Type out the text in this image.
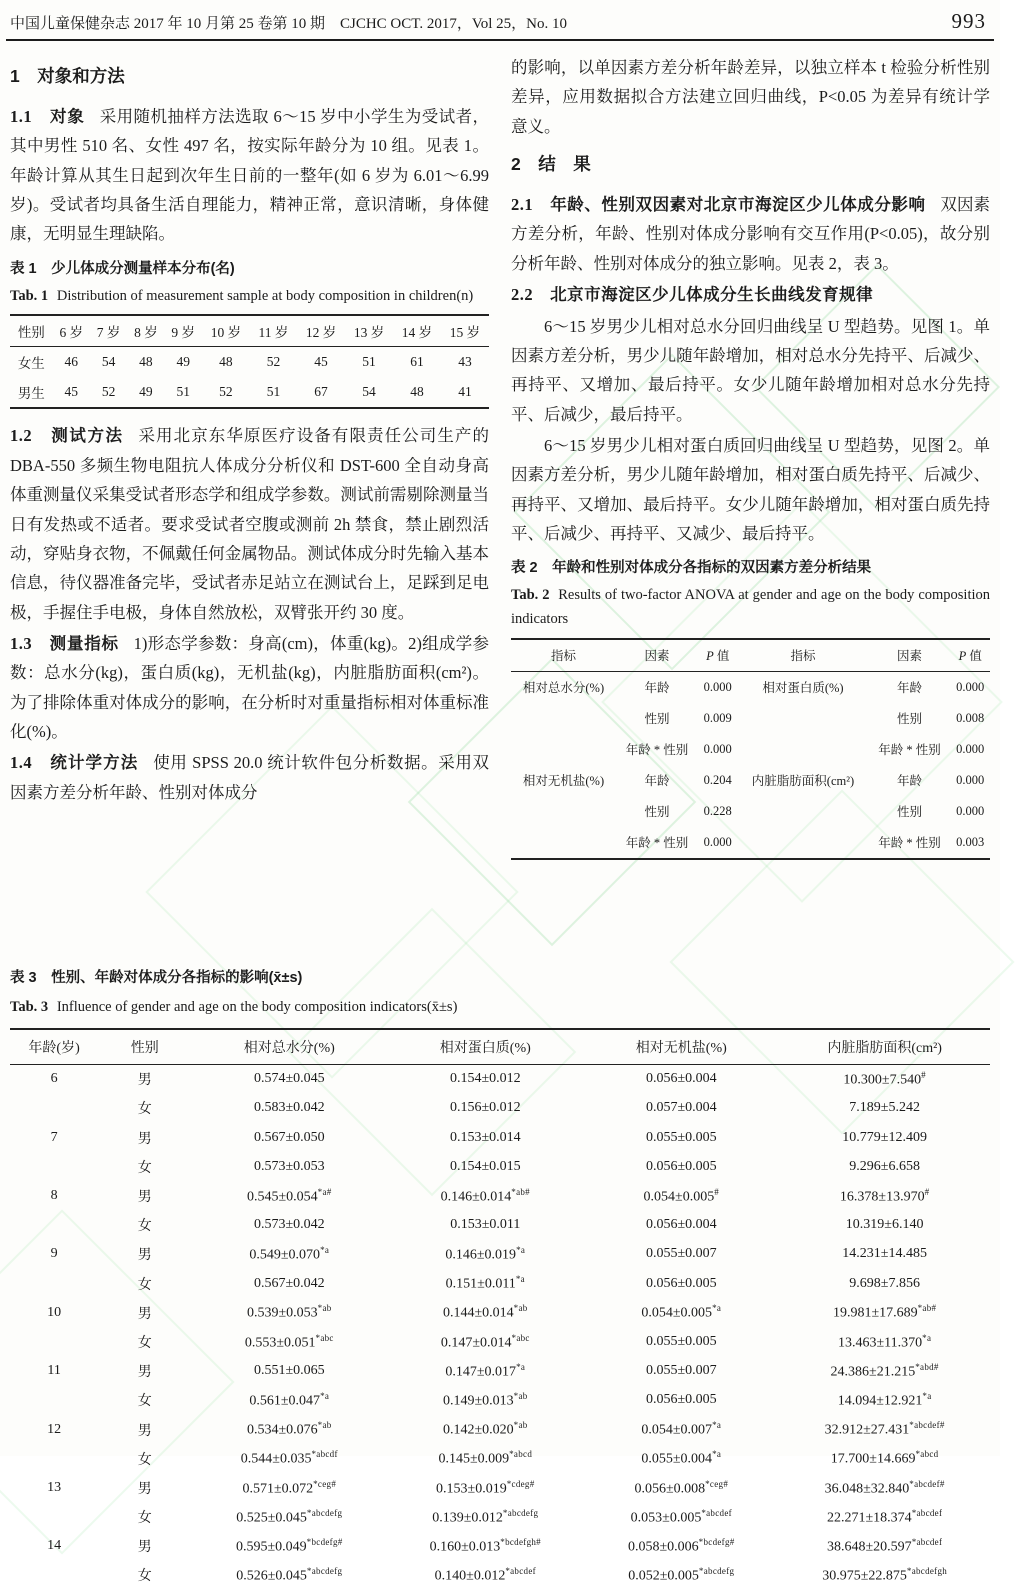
中国儿童保健杂志 2017 年 10 月第 25 卷第 10 期　CJCHC OCT. 2017，Vol 25，No. 10	993
1　对象和方法

1.1　对象 采用随机抽样方法选取 6～15 岁中小学生为受试者，其中男性 510 名、女性 497 名，按实际年龄分为 10 组。见表 1。年龄计算从其生日起到次年生日前的一整年(如 6 岁为 6.01～6.99 岁)。受试者均具备生活自理能力，精神正常，意识清晰，身体健康，无明显生理缺陷。

表 1　少儿体成分测量样本分布(名)
Tab. 1 Distribution of measurement sample at body composition in children(n)
性别	6 岁	7 岁	8 岁	9 岁	10 岁	11 岁	12 岁	13 岁	14 岁	15 岁
女生	46	54	48	49	48	52	45	51	61	43
男生	45	52	49	51	52	51	67	54	48	41

1.2　测试方法 采用北京东华原医疗设备有限责任公司生产的 DBA-550 多频生物电阻抗人体成分分析仪和 DST-600 全自动身高体重测量仪采集受试者形态学和组成学参数。测试前需剔除测量当日有发热或不适者。要求受试者空腹或测前 2h 禁食，禁止剧烈活动，穿贴身衣物，不佩戴任何金属物品。测试体成分时先输入基本信息，待仪器准备完毕，受试者赤足站立在测试台上，足踩到足电极，手握住手电极，身体自然放松，双臂张开约 30 度。

1.3　测量指标 1)形态学参数：身高(cm)，体重(kg)。2)组成学参数：总水分(kg)，蛋白质(kg)，无机盐(kg)，内脏脂肪面积(cm²)。为了排除体重对体成分的影响，在分析时对重量指标相对体重标准化(%)。

1.4　统计学方法 使用 SPSS 20.0 统计软件包分析数据。采用双因素方差分析年龄、性别对体成分

的影响，以单因素方差分析年龄差异，以独立样本 t 检验分析性别差异，应用数据拟合方法建立回归曲线，P<0.05 为差异有统计学意义。

2　结　果

2.1　年龄、性别双因素对北京市海淀区少儿体成分影响 双因素方差分析，年龄、性别对体成分影响有交互作用(P<0.05)，故分别分析年龄、性别对体成分的独立影响。见表 2，表 3。

2.2　北京市海淀区少儿体成分生长曲线发育规律

6～15 岁男少儿相对总水分回归曲线呈 U 型趋势。见图 1。单因素方差分析，男少儿随年龄增加，相对总水分先持平、后减少、再持平、又增加、最后持平。女少儿随年龄增加相对总水分先持平、后减少，最后持平。

6～15 岁男少儿相对蛋白质回归曲线呈 U 型趋势，见图 2。单因素方差分析，男少儿随年龄增加，相对蛋白质先持平、后减少、再持平、又增加、最后持平。女少儿随年龄增加，相对蛋白质先持平、后减少、再持平、又减少、最后持平。

表 2　年龄和性别对体成分各指标的双因素方差分析结果
Tab. 2 Results of two-factor ANOVA at gender and age on the body composition indicators
指标	因素	P 值	指标	因素	P 值
相对总水分(%)	年龄	0.000	相对蛋白质(%)	年龄	0.000
	性别	0.009		性别	0.008
	年龄 * 性别	0.000		年龄 * 性别	0.000
相对无机盐(%)	年龄	0.204	内脏脂肪面积(cm²)	年龄	0.000
	性别	0.228		性别	0.000
	年龄 * 性别	0.000		年龄 * 性别	0.003
表 3　性别、年龄对体成分各指标的影响(x̄±s)
Tab. 3 Influence of gender and age on the body composition indicators(x̄±s)
年龄(岁)	性别	相对总水分(%)	相对蛋白质(%)	相对无机盐(%)	内脏脂肪面积(cm²)
6	男	0.574±0.045	0.154±0.012	0.056±0.004	10.300±7.540#
	女	0.583±0.042	0.156±0.012	0.057±0.004	7.189±5.242
7	男	0.567±0.050	0.153±0.014	0.055±0.005	10.779±12.409
	女	0.573±0.053	0.154±0.015	0.056±0.005	9.296±6.658
8	男	$0.545\pm 0.054^{*a\#}$	$0.146\pm 0.014^{*ab\#}$	0.054±0.005#	16.378±13.970#
	女	0.573±0.042	0.153±0.011	0.056±0.004	10.319±6.140
9	男	$0.549\pm 0.070^{*a}$	$0.146\pm 0.019^{*a}$	0.055±0.007	14.231±14.485
	女	0.567±0.042	$0.151\pm 0.011^{*a}$	0.056±0.005	9.698±7.856
10	男	$0.539\pm 0.053^{*ab}$	$0.144\pm 0.014^{*ab}$	$0.054\pm 0.005^{*a}$	$19.981\pm 17.689^{*ab\#}$
	女	$0.553\pm 0.051^{*abc}$	$0.147\pm 0.014^{*abc}$	0.055±0.005	$13.463\pm 11.370^{*a}$
11	男	0.551±0.065	$0.147\pm 0.017^{*a}$	0.055±0.007	$24.386\pm 21.215^{*abd\#}$
	女	$0.561\pm 0.047^{*a}$	$0.149\pm 0.013^{*ab}$	0.056±0.005	$14.094\pm 12.921^{*a}$
12	男	$0.534\pm 0.076^{*ab}$	$0.142\pm 0.020^{*ab}$	$0.054\pm 0.007^{*a}$	$32.912\pm 27.431^{*abcdef\#}$
	女	$0.544\pm 0.035^{*abcdf}$	$0.145\pm 0.009^{*abcd}$	$0.055\pm 0.004^{*a}$	$17.700\pm 14.669^{*abcd}$
13	男	$0.571\pm 0.072^{*ceg\#}$	$0.153\pm 0.019^{*cdeg\#}$	$0.056\pm 0.008^{*ceg\#}$	$36.048\pm 32.840^{*abcdef\#}$
	女	$0.525\pm 0.045^{*abcdefg}$	$0.139\pm 0.012^{*abcdefg}$	$0.053\pm 0.005^{*abcdef}$	$22.271\pm 18.374^{*abcdef}$
14	男	$0.595\pm 0.049^{*bcdefg\#}$	$0.160\pm 0.013^{*bcdefgh\#}$	$0.058\pm 0.006^{*bcdefg\#}$	$38.648\pm 20.597^{*abcdef}$
	女	$0.526\pm 0.045^{*abcdefg}$	$0.140\pm 0.012^{*abcdef}$	$0.052\pm 0.005^{*abcdefg}$	$30.975\pm 22.875^{*abcdefgh}$
